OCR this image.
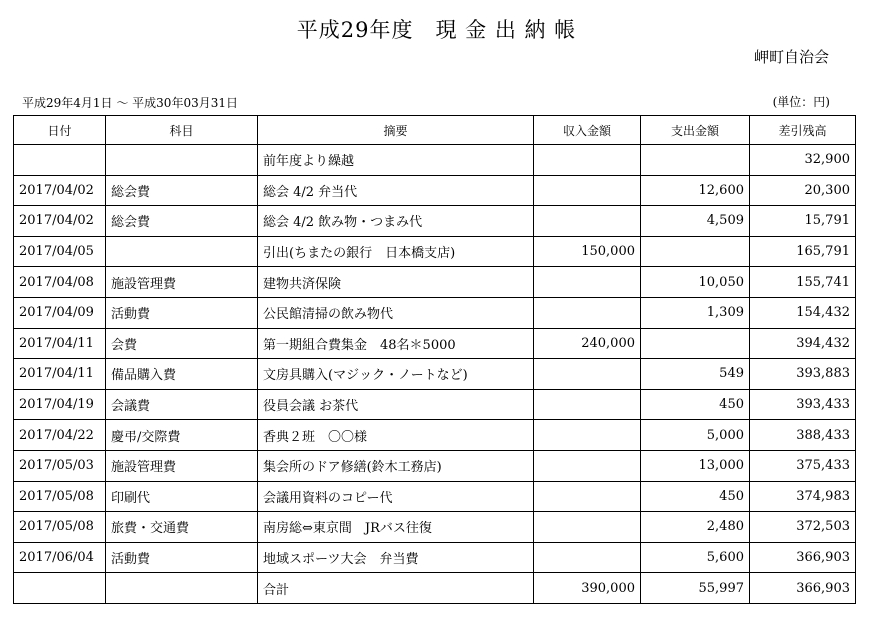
平成29年度　現 金 出 納 帳
岬町自治会
平成29年4月1日 〜 平成30年03月31日	(単位：円)
日付	科目	摘要	収入金額	支出金額	差引残高
		前年度より繰越			32,900
2017/04/02	総会費	総会 4/2 弁当代		12,600	20,300
2017/04/02	総会費	総会 4/2 飲み物・つまみ代		4,509	15,791
2017/04/05		引出(ちまたの銀行　日本橋支店)	150,000		165,791
2017/04/08	施設管理費	建物共済保険		10,050	155,741
2017/04/09	活動費	公民館清掃の飲み物代		1,309	154,432
2017/04/11	会費	第一期組合費集金　48名＊5000	240,000		394,432
2017/04/11	備品購入費	文房具購入(マジック・ノートなど)		549	393,883
2017/04/19	会議費	役員会議 お茶代		450	393,433
2017/04/22	慶弔/交際費	香典２班　〇〇様		5,000	388,433
2017/05/03	施設管理費	集会所のドア修繕(鈴木工務店)		13,000	375,433
2017/05/08	印刷代	会議用資料のコピー代		450	374,983
2017/05/08	旅費・交通費	南房総⇔東京間　JRバス往復		2,480	372,503
2017/06/04	活動費	地域スポーツ大会　弁当費		5,600	366,903
		合計	390,000	55,997	366,903
